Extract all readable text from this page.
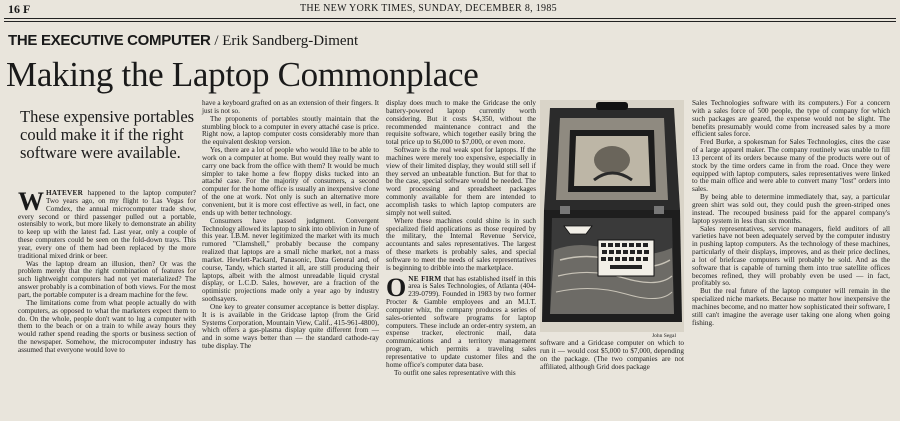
16 F	THE NEW YORK TIMES, SUNDAY, DECEMBER 8, 1985
THE EXECUTIVE COMPUTER / Erik Sandberg-Diment
Making the Laptop Commonplace
These expensive portables could make it if the right software were available.

WHATEVER happened to the laptop computer? Two years ago, on my flight to Las Vegas for Comdex, the annual microcomputer trade show, every second or third passenger pulled out a portable, ostensibly to work, but more likely to demonstrate an ability to keep up with the latest fad. Last year, only a couple of these computers could be seen on the fold-down trays. This year, every one of them had been replaced by the more traditional mixed drink or beer.

Was the laptop dream an illusion, then? Or was the problem merely that the right combination of features for such lightweight computers had not yet materialized? The answer probably is a combination of both views. For the most part, the portable computer is a dream machine for the few.

The limitations come from what people actually do with computers, as opposed to what the marketers expect them to do. On the whole, people don't want to lug a computer with them to the beach or on a train to while away hours they would rather spend reading the sports or business section of the newspaper. Somehow, the microcomputer industry has assumed that everyone would love to

have a keyboard grafted on as an extension of their fingers. It just is not so.

The proponents of portables stoutly maintain that the stumbling block to a computer in every attaché case is price. Right now, a laptop computer costs considerably more than the equivalent desktop version.

Yes, there are a lot of people who would like to be able to work on a computer at home. But would they really want to carry one back from the office with them? It would be much simpler to take home a few floppy disks tucked into an attaché case. For the majority of consumers, a second computer for the home office is usually an inexpensive clone of the one at work. Not only is such an alternative more convenient, but it is more cost effective as well, in fact, one ends up with better technology.

Consumers have passed judgment. Convergent Technology allowed its laptop to sink into oblivion in June of this year. I.B.M. never legitimized the market with its much rumored "Clamshell," probably because the company realized that laptops are a small niche market, not a mass market. Hewlett-Packard, Panasonic, Data General and, of course, Tandy, which started it all, are still producing their laptops, albeit with the almost unreadable liquid crystal display, or L.C.D. Sales, however, are a fraction of the optimistic projections made only a year ago by industry soothsayers.

One key to greater consumer acceptance is better display. It is is available in the Gridcase laptop (from the Grid Systems Corporation, Mountain View, Calif., 415-961-4800), which offers a gas-plasma display quite different from — and in some ways better than — the standard cathode-ray tube display. The

display does much to make the Gridcase the only battery-powered laptop currently worth considering. But it costs $4,350, without the recommended maintenance contract and the requisite software, which together easily bring the total price up to $6,000 to $7,000, or even more.

Software is the real weak spot for laptops. If the machines were merely too expensive, especially in view of their limited display, they would still sell if they served an unbeatable function. But for that to be the case, special software would be needed. The word processing and spreadsheet packages commonly available for them are intended to accomplish tasks to which laptop computers are simply not well suited.

Where these machines could shine is in such specialized field applications as those required by the military, the Internal Revenue Service, accountants and sales representatives. The largest of these markets is probably sales, and special software to meet the needs of sales representatives is beginning to dribble into the marketplace.

ONE FIRM that has established itself in this area is Sales Technologies, of Atlanta (404- 239-0799). Founded in 1983 by two former Procter & Gamble employees and an M.I.T. computer whiz, the company produces a series of sales-oriented software programs for laptop computers. These include an order-entry system, an expense tracker, electronic mail, data communications and a territory management program, which permits a traveling sales representative to update customer files and the home office's computer data base.

To outfit one sales representative with this

John Segal

software and a Gridcase computer on which to run it — would cost $5,000 to $7,000, depending on the package. (The two companies are not affiliated, although Grid does package

Sales Technologies software with its computers.) For a concern with a sales force of 500 people, the type of company for which such packages are geared, the expense would not be slight. The benefits presumably would come from increased sales by a more efficient sales force.

Fred Burke, a spokesman for Sales Technologies, cites the case of a large apparel maker. The company routinely was unable to fill 13 percent of its orders because many of the products were out of stock by the time orders came in from the road. Once they were equipped with laptop computers, sales representatives were linked to the main office and were able to convert many "lost" orders into sales.

By being able to determine immediately that, say, a particular green shirt was sold out, they could push the green-striped ones instead. The recouped business paid for the apparel company's laptop system in less than six months.

Sales representatives, service managers, field auditors of all varieties have not been adequately served by the computer industry in pushing laptop computers. As the technology of these machines, particularly of their displays, improves, and as their price declines, a lot of briefcase computers will probably be sold. And as the software that is capable of turning them into true satellite offices becomes refined, they will probably even be used — in fact, profitably so.

But the real future of the laptop computer will remain in the specialized niche markets. Because no matter how inexpensive the machines become, and no matter how sophisticated their software, I still can't imagine the average user taking one along when going fishing.
